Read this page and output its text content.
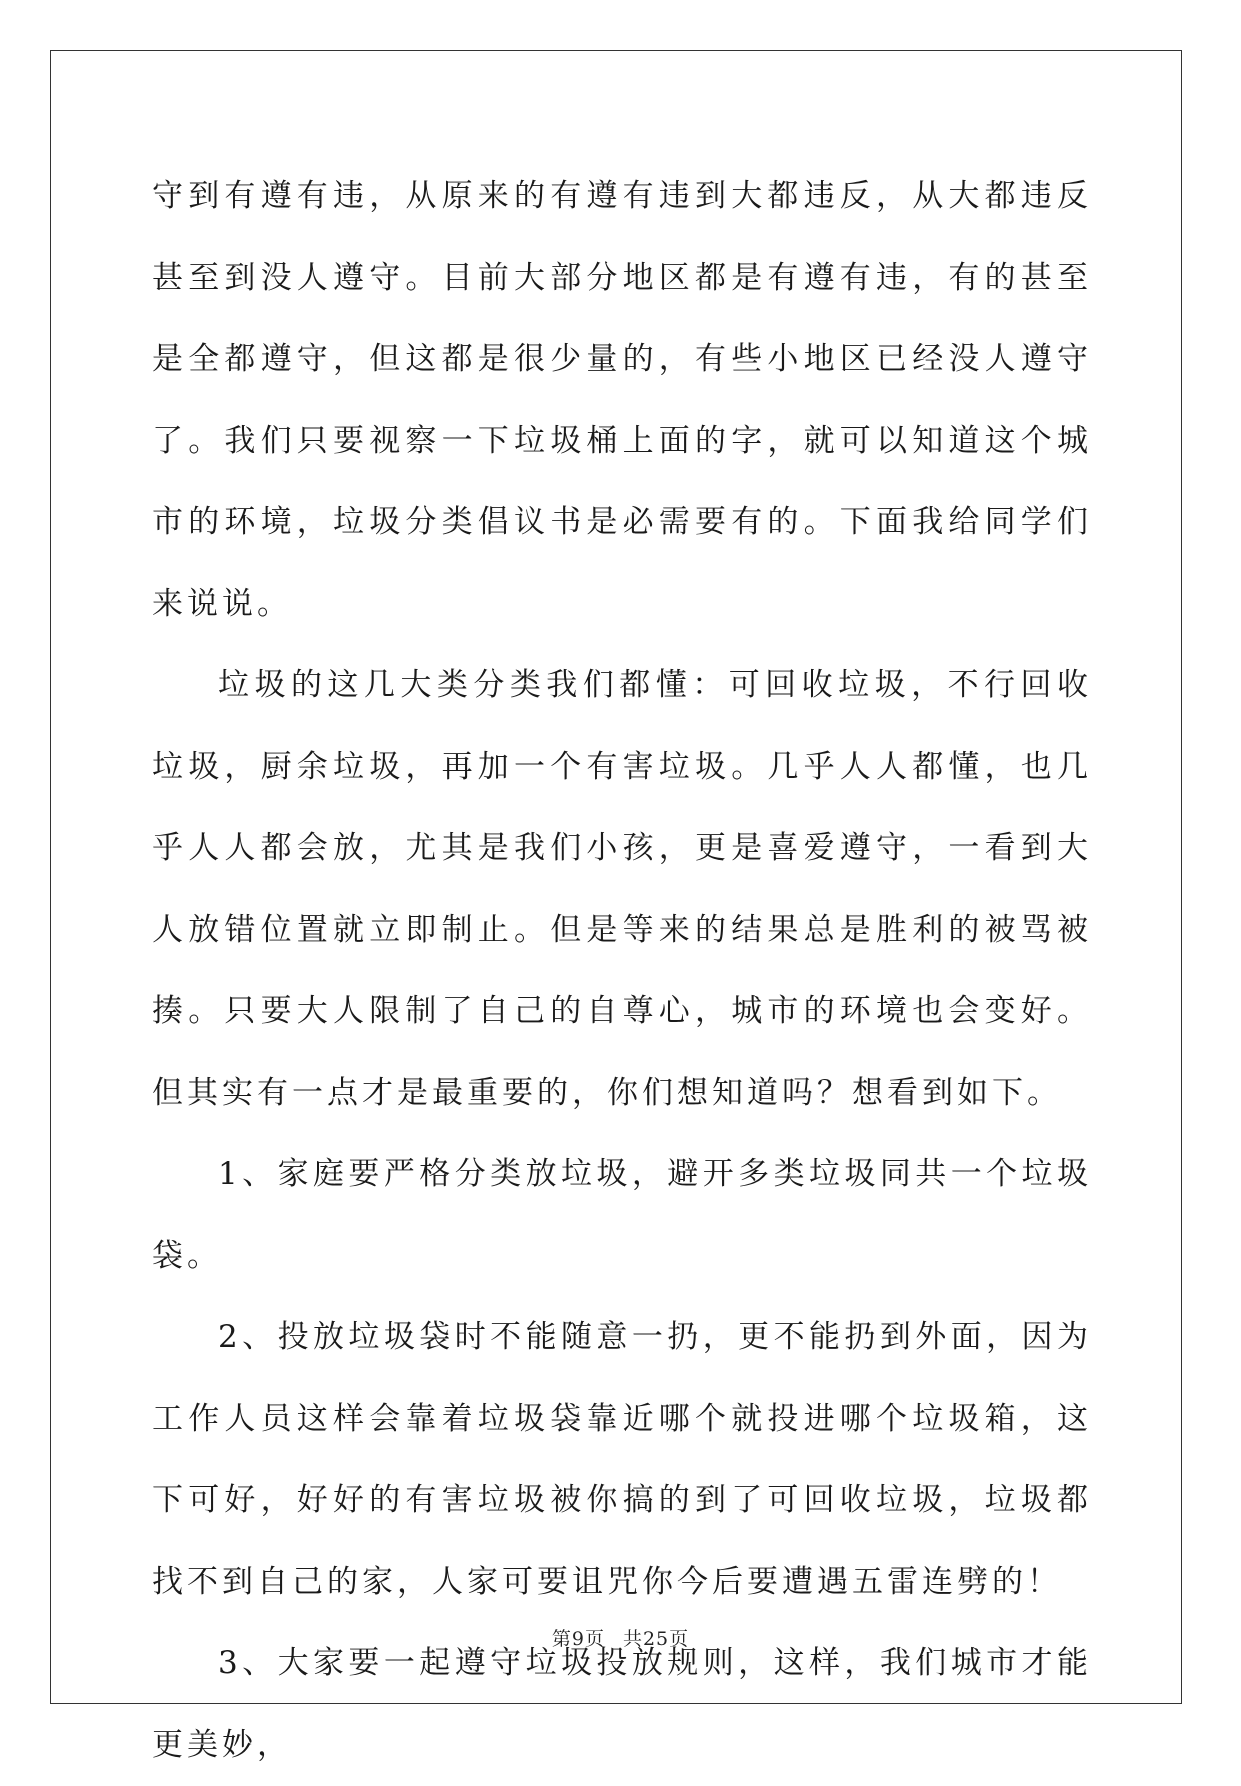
守到有遵有违，从原来的有遵有违到大都违反，从大都违反甚至到没人遵守。目前大部分地区都是有遵有违，有的甚至是全都遵守，但这都是很少量的，有些小地区已经没人遵守了。我们只要视察一下垃圾桶上面的字，就可以知道这个城市的环境，垃圾分类倡议书是必需要有的。下面我给同学们来说说。

垃圾的这几大类分类我们都懂：可回收垃圾，不行回收垃圾，厨余垃圾，再加一个有害垃圾。几乎人人都懂，也几乎人人都会放，尤其是我们小孩，更是喜爱遵守，一看到大人放错位置就立即制止。但是等来的结果总是胜利的被骂被揍。只要大人限制了自己的自尊心，城市的环境也会变好。但其实有一点才是最重要的，你们想知道吗？想看到如下。

1、家庭要严格分类放垃圾，避开多类垃圾同共一个垃圾袋。

2、投放垃圾袋时不能随意一扔，更不能扔到外面，因为工作人员这样会靠着垃圾袋靠近哪个就投进哪个垃圾箱，这下可好，好好的有害垃圾被你搞的到了可回收垃圾，垃圾都找不到自己的家，人家可要诅咒你今后要遭遇五雷连劈的！

3、大家要一起遵守垃圾投放规则，这样，我们城市才能更美妙，

第9页 共25页
